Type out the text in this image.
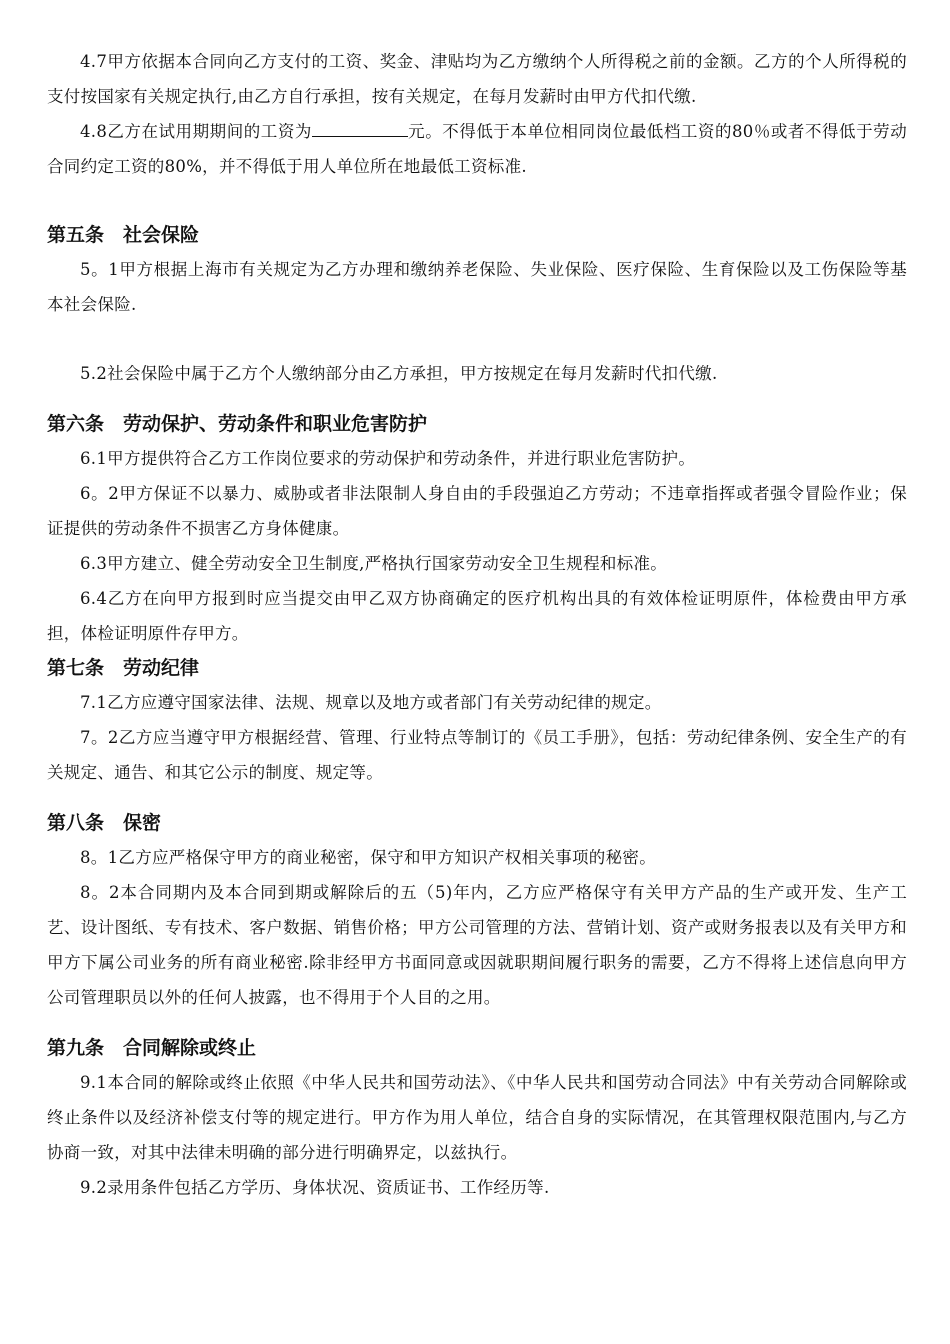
4.7甲方依据本合同向乙方支付的工资、奖金、津贴均为乙方缴纳个人所得税之前的金额。乙方的个人所得税的支付按国家有关规定执行,由乙方自行承担，按有关规定，在每月发薪时由甲方代扣代缴.

4.8乙方在试用期期间的工资为	元。不得低于本单位相同岗位最低档工资的80％或者不得低于劳动合同约定工资的80%，并不得低于用人单位所在地最低工资标准.

第五条　社会保险

5。1甲方根据上海市有关规定为乙方办理和缴纳养老保险、失业保险、医疗保险、生育保险以及工伤保险等基本社会保险.

5.2社会保险中属于乙方个人缴纳部分由乙方承担，甲方按规定在每月发薪时代扣代缴.

第六条　劳动保护、劳动条件和职业危害防护

6.1甲方提供符合乙方工作岗位要求的劳动保护和劳动条件，并进行职业危害防护。

6。2甲方保证不以暴力、威胁或者非法限制人身自由的手段强迫乙方劳动；不违章指挥或者强令冒险作业；保证提供的劳动条件不损害乙方身体健康。

6.3甲方建立、健全劳动安全卫生制度,严格执行国家劳动安全卫生规程和标准。

6.4乙方在向甲方报到时应当提交由甲乙双方协商确定的医疗机构出具的有效体检证明原件，体检费由甲方承担，体检证明原件存甲方。

第七条　劳动纪律

7.1乙方应遵守国家法律、法规、规章以及地方或者部门有关劳动纪律的规定。

7。2乙方应当遵守甲方根据经营、管理、行业特点等制订的《员工手册》，包括：劳动纪律条例、安全生产的有关规定、通告、和其它公示的制度、规定等。

第八条　保密

8。1乙方应严格保守甲方的商业秘密，保守和甲方知识产权相关事项的秘密。

8。2本合同期内及本合同到期或解除后的五（5)年内，乙方应严格保守有关甲方产品的生产或开发、生产工艺、设计图纸、专有技术、客户数据、销售价格；甲方公司管理的方法、营销计划、资产或财务报表以及有关甲方和甲方下属公司业务的所有商业秘密.除非经甲方书面同意或因就职期间履行职务的需要，乙方不得将上述信息向甲方公司管理职员以外的任何人披露，也不得用于个人目的之用。

第九条　合同解除或终止

9.1本合同的解除或终止依照《中华人民共和国劳动法》、《中华人民共和国劳动合同法》中有关劳动合同解除或终止条件以及经济补偿支付等的规定进行。甲方作为用人单位，结合自身的实际情况，在其管理权限范围内,与乙方协商一致，对其中法律未明确的部分进行明确界定，以兹执行。

9.2录用条件包括乙方学历、身体状况、资质证书、工作经历等.
